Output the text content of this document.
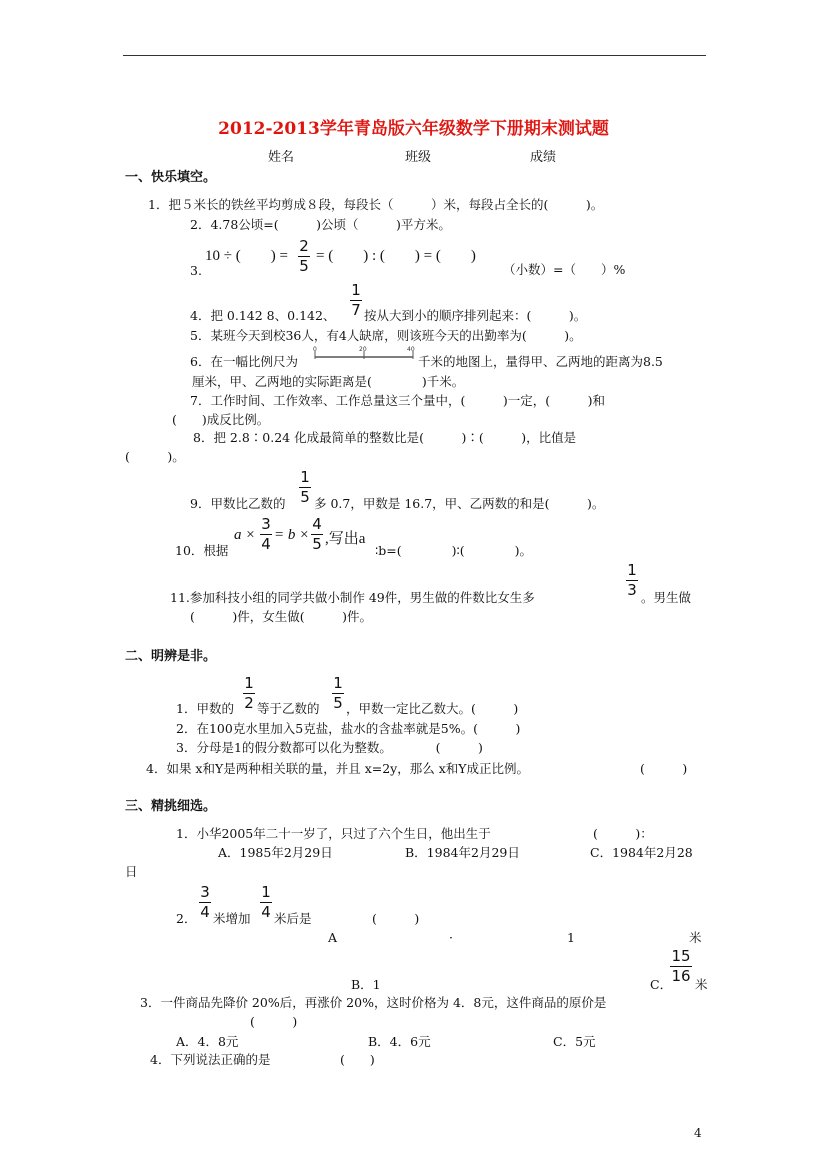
2012-2013学年青岛版六年级数学下册期末测试题
姓名	班级	成绩
一、快乐填空。
1．把５米长的铁丝平均剪成８段，每段长（　　　）米，每段占全长的(　　　)。
2．4.78公顷=(　　　)公顷（　　　)平方米。
10 ÷ (　　) =
2
5
= (　　) : (　　) = (　　)
3.	（小数）=（　　）%
4．把 0.142 8、0.142、
1
7 按从大到小的顺序排列起来：(　　　)。
5．某班今天到校36人，有4人缺席，则该班今天的出勤率为(　　　)。
6．在一幅比例尺为
0	20	40
千米的地图上，量得甲、乙两地的距离为8.5
厘米，甲、乙两地的实际距离是(　　　　)千米。
7．工作时间、工作效率、工作总量这三个量中，(　　　)一定，(　　　)和
(　　)成反比例。
8．把 2.8∶0.24 化成最简单的整数比是(　　　)∶(　　　)，比值是
(　　　)。
9．甲数比乙数的
1
5 多 0.7，甲数是 16.7，甲、乙两数的和是(　　　)。
10．根据
a ×
3
4 = b ×
4
5 ,写出a
∶b=(　　　　)∶(　　　　)。
11.参加科技小组的同学共做小制作 49件，男生做的件数比女生多
1
3 。男生做
(　　　)件，女生做(　　　)件。
二、明辨是非。
1．甲数的
1
2 等于乙数的
1
5 ，甲数一定比乙数大。(　　　)
2．在100克水里加入5克盐，盐水的含盐率就是5%。(　　　)
3．分母是1的假分数都可以化为整数。　　　　(　　　)
4．如果 x和Y是两种相关联的量，并且 x=2y，那么 x和Y成正比例。	(　　　)
三、精挑细选。
1．小华2005年二十一岁了，只过了六个生日，他出生于	(　　　)：
A．1985年2月29日	B．1984年2月29日	C．1984年2月28
日
2．
3
4 米增加
1
4 米后是	(　　　)
A	·	1	米
B．1	C．
15
16 米
3．一件商品先降价 20%后，再涨价 20%，这时价格为 4．8元，这件商品的原价是
(　　　)
A．4．8元	B．4．6元	C．5元
4．下列说法正确的是	(　　)
4
